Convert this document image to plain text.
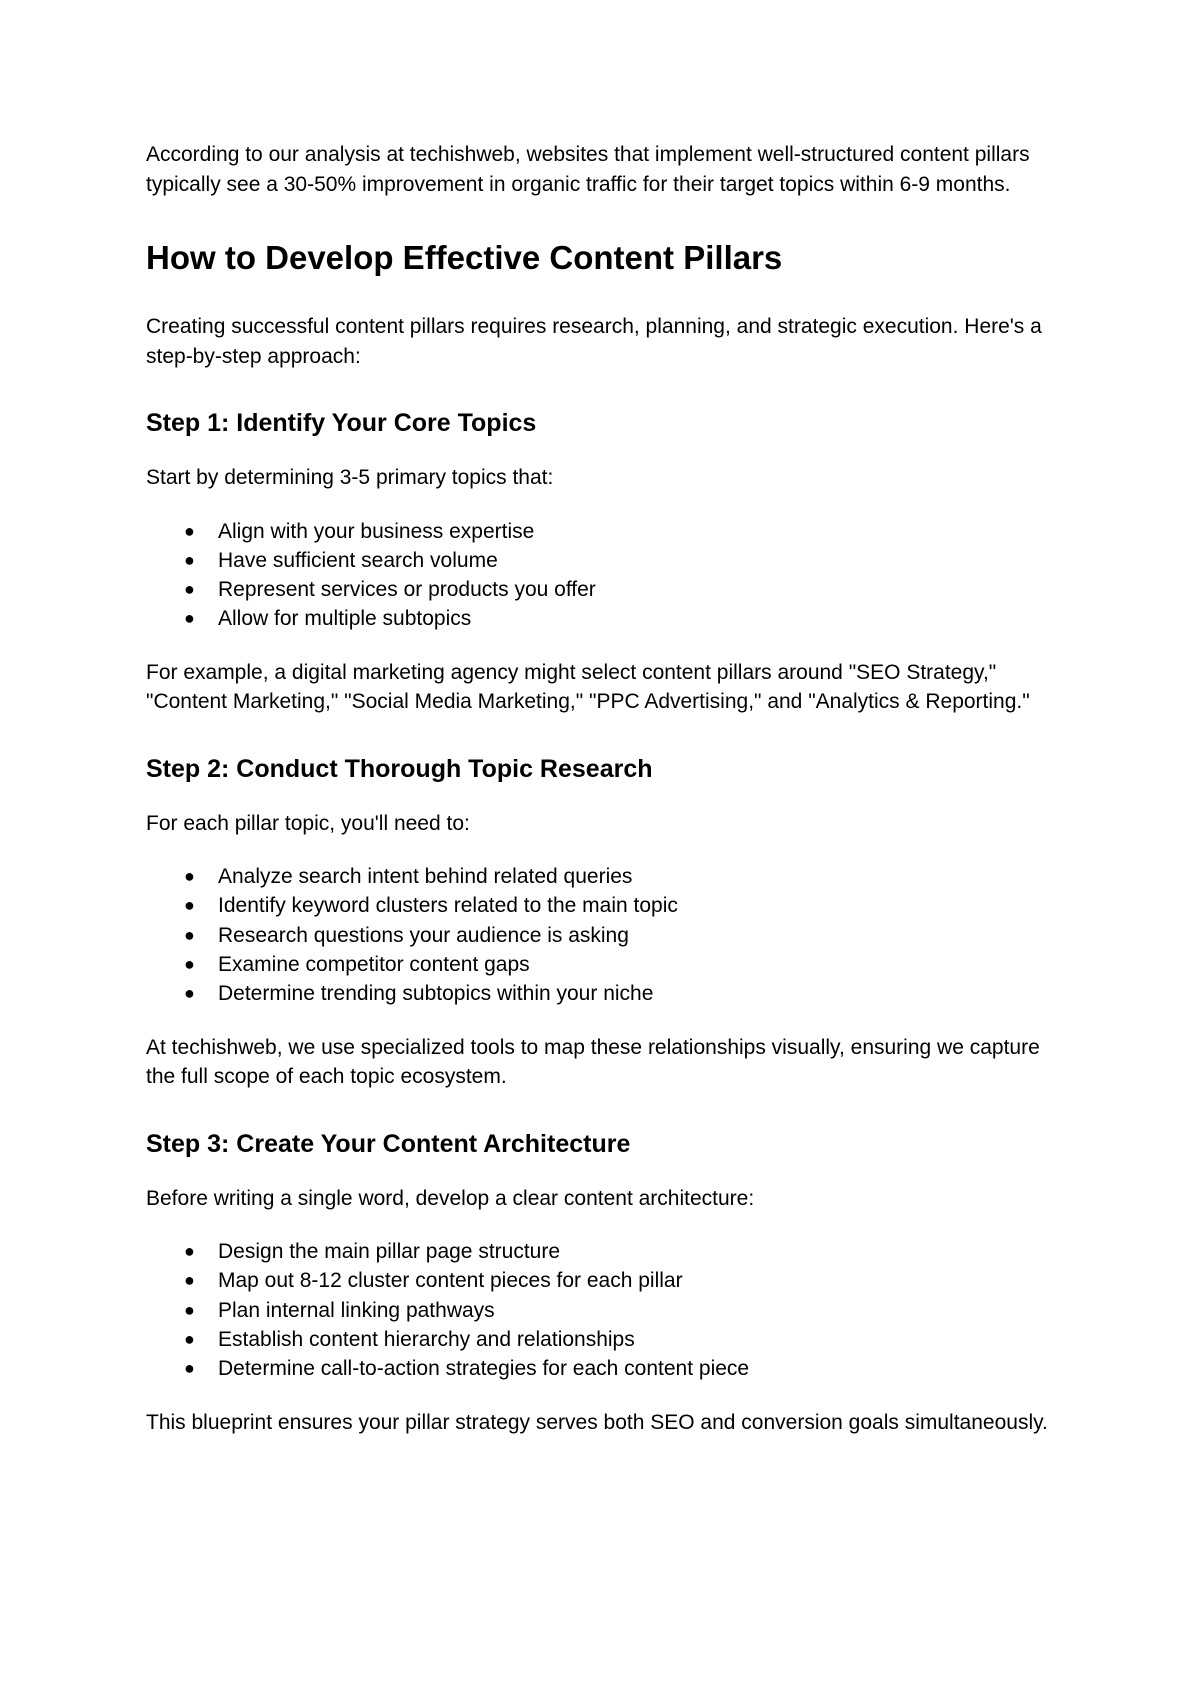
According to our analysis at techishweb, websites that implement well-structured content pillars typically see a 30-50% improvement in organic traffic for their target topics within 6-9 months.

How to Develop Effective Content Pillars

Creating successful content pillars requires research, planning, and strategic execution. Here's a step-by-step approach:

Step 1: Identify Your Core Topics

Start by determining 3-5 primary topics that:

● Align with your business expertise
● Have sufficient search volume
● Represent services or products you offer
● Allow for multiple subtopics

For example, a digital marketing agency might select content pillars around "SEO Strategy," "Content Marketing," "Social Media Marketing," "PPC Advertising," and "Analytics & Reporting."

Step 2: Conduct Thorough Topic Research

For each pillar topic, you'll need to:

● Analyze search intent behind related queries
● Identify keyword clusters related to the main topic
● Research questions your audience is asking
● Examine competitor content gaps
● Determine trending subtopics within your niche

At techishweb, we use specialized tools to map these relationships visually, ensuring we capture the full scope of each topic ecosystem.

Step 3: Create Your Content Architecture

Before writing a single word, develop a clear content architecture:

● Design the main pillar page structure
● Map out 8-12 cluster content pieces for each pillar
● Plan internal linking pathways
● Establish content hierarchy and relationships
● Determine call-to-action strategies for each content piece

This blueprint ensures your pillar strategy serves both SEO and conversion goals simultaneously.
